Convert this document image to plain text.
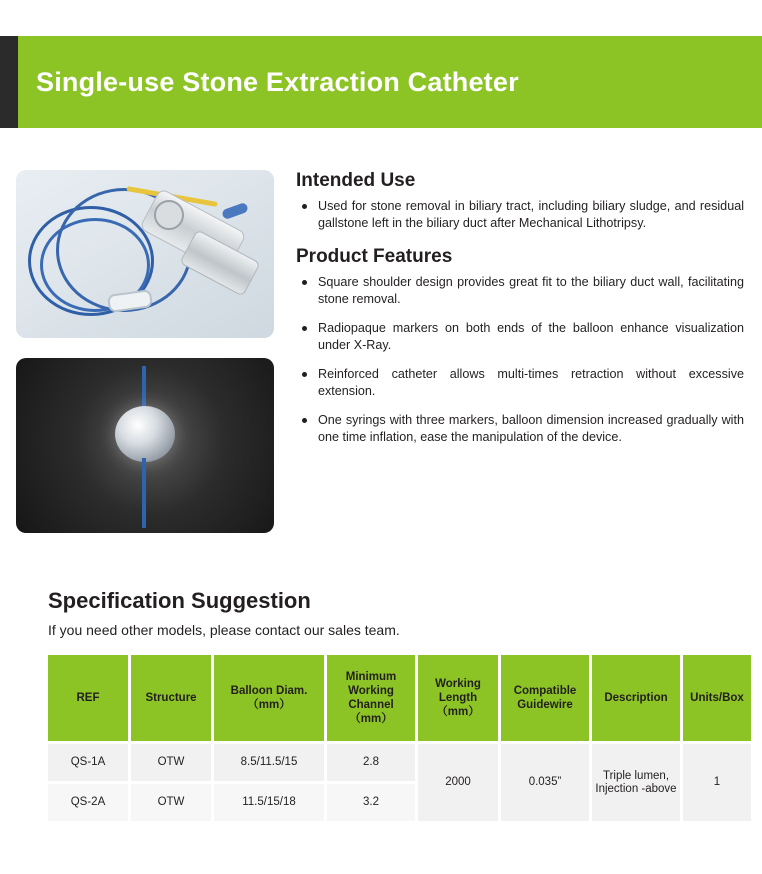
Single-use Stone Extraction Catheter
Intended Use
Used for stone removal in biliary tract, including biliary sludge, and residual gallstone left in the biliary duct after Mechanical Lithotripsy.
Product Features
Square shoulder design provides great fit to the biliary duct wall, facilitating stone removal.
Radiopaque markers on both ends of the balloon enhance visualization under X-Ray.
Reinforced catheter allows multi-times retraction without excessive extension.
One syrings with three markers, balloon dimension increased gradually with one time inflation, ease the manipulation of the device.
Specification Suggestion
If you need other models, please contact our sales team.
REF	Structure	Balloon Diam.（mm）	Minimum Working Channel（mm）	Working Length（mm）	Compatible Guidewire	Description	Units/Box
QS-1A	OTW	8.5/11.5/15	2.8	2000	0.035”	Triple lumen, Injection -above	1
QS-2A	OTW	11.5/15/18	3.2				
